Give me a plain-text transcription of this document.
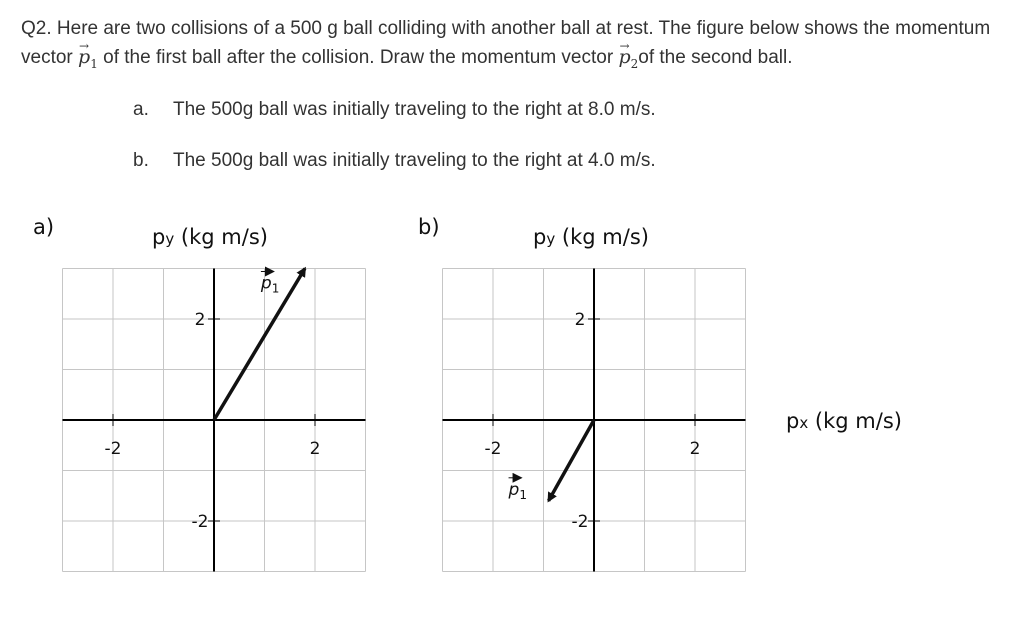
Q2. Here are two collisions of a 500 g ball colliding with another ball at rest. The figure below shows the momentum vector → $p_1$ of the first ball after the collision. Draw the momentum vector → $p_2of$ the second ball.
a. The 500g ball was initially traveling to the right at 8.0 m/s.
b. The 500g ball was initially traveling to the right at 4.0 m/s.
a)	b)
py (kg m/s)	py (kg m/s)
px (kg m/s)
-2	2
2
-2
$p_1$
-2	2
2
-2
$p_1$
